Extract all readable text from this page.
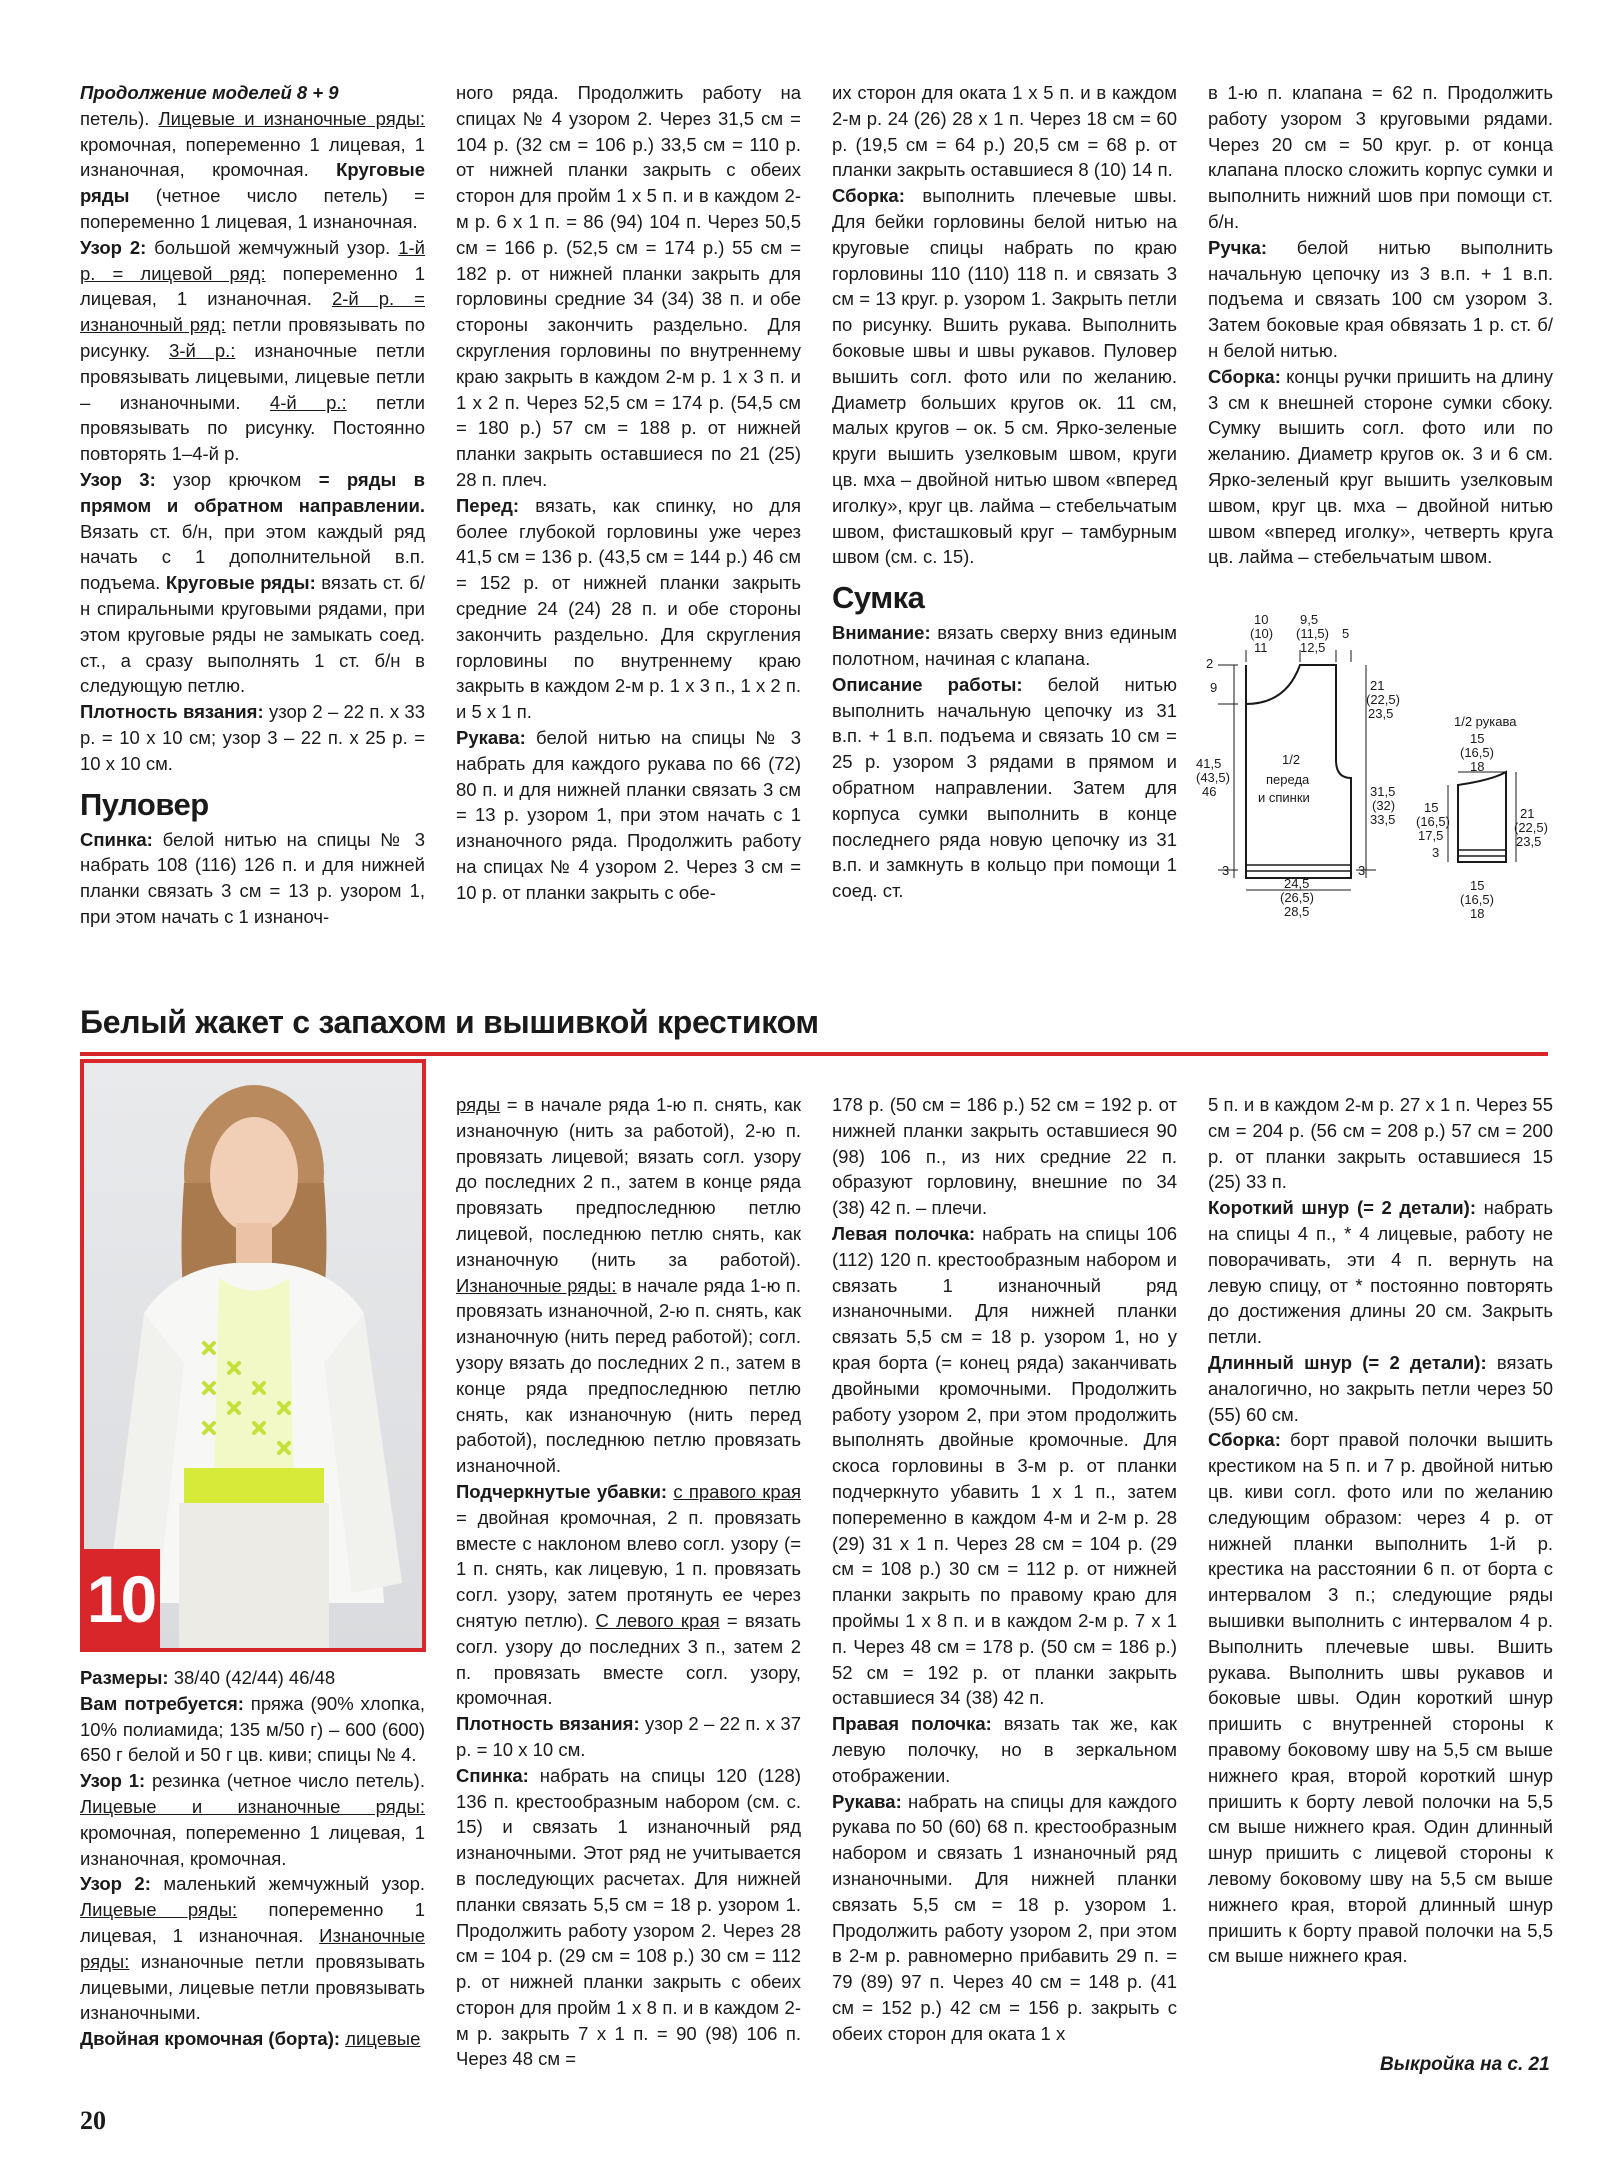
Продолжение моделей 8 + 9
петель). Лицевые и изнаночные ряды: кромочная, попеременно 1 лицевая, 1 изнаночная, кромочная. Круговые ряды (четное число петель) = попеременно 1 лицевая, 1 изнаночная.

Узор 2: большой жемчужный узор. 1-й р. = лицевой ряд: попеременно 1 лицевая, 1 изнаночная. 2-й р. = изнаночный ряд: петли провязывать по рисунку. 3-й р.: изнаночные петли провязывать лицевыми, лицевые петли – изнаночными. 4-й р.: петли провязывать по рисунку. Постоянно повторять 1–4-й р.

Узор 3: узор крючком = ряды в прямом и обратном направлении. Вязать ст. б/н, при этом каждый ряд начать с 1 дополнительной в.п. подъема. Круговые ряды: вязать ст. б/н спиральными круговыми рядами, при этом круговые ряды не замыкать соед. ст., а сразу выполнять 1 ст. б/н в следующую петлю.

Плотность вязания: узор 2 – 22 п. х 33 р. = 10 х 10 см; узор 3 – 22 п. х 25 р. = 10 х 10 см.

Пуловер

Спинка: белой нитью на спицы № 3 набрать 108 (116) 126 п. и для нижней планки связать 3 см = 13 р. узором 1, при этом начать с 1 изнаноч-

ного ряда. Продолжить работу на спицах № 4 узором 2. Через 31,5 см = 104 р. (32 см = 106 р.) 33,5 см = 110 р. от нижней планки закрыть с обеих сторон для пройм 1 х 5 п. и в каждом 2-м р. 6 х 1 п. = 86 (94) 104 п. Через 50,5 см = 166 р. (52,5 см = 174 р.) 55 см = 182 р. от нижней планки закрыть для горловины средние 34 (34) 38 п. и обе стороны закончить раздельно. Для скругления горловины по внутреннему краю закрыть в каждом 2-м р. 1 х 3 п. и 1 х 2 п. Через 52,5 см = 174 р. (54,5 см = 180 р.) 57 см = 188 р. от нижней планки закрыть оставшиеся по 21 (25) 28 п. плеч.

Перед: вязать, как спинку, но для более глубокой горловины уже через 41,5 см = 136 р. (43,5 см = 144 р.) 46 см = 152 р. от нижней планки закрыть средние 24 (24) 28 п. и обе стороны закончить раздельно. Для скругления горловины по внутреннему краю закрыть в каждом 2-м р. 1 х 3 п., 1 х 2 п. и 5 х 1 п.

Рукава: белой нитью на спицы № 3 набрать для каждого рукава по 66 (72) 80 п. и для нижней планки связать 3 см = 13 р. узором 1, при этом начать с 1 изнаночного ряда. Продолжить работу на спицах № 4 узором 2. Через 3 см = 10 р. от планки закрыть с обе-

их сторон для оката 1 х 5 п. и в каждом 2-м р. 24 (26) 28 х 1 п. Через 18 см = 60 р. (19,5 см = 64 р.) 20,5 см = 68 р. от планки закрыть оставшиеся 8 (10) 14 п.

Сборка: выполнить плечевые швы. Для бейки горловины белой нитью на круговые спицы набрать по краю горловины 110 (110) 118 п. и связать 3 см = 13 круг. р. узором 1. Закрыть петли по рисунку. Вшить рукава. Выполнить боковые швы и швы рукавов. Пуловер вышить согл. фото или по желанию. Диаметр больших кругов ок. 11 см, малых кругов – ок. 5 см. Ярко-зеленые круги вышить узелковым швом, круги цв. мха – двойной нитью швом «вперед иголку», круг цв. лайма – стебельчатым швом, фисташковый круг – тамбурным швом (см. с. 15).

Сумка

Внимание: вязать сверху вниз единым полотном, начиная с клапана.

Описание работы: белой нитью выполнить начальную цепочку из 31 в.п. + 1 в.п. подъема и связать 10 см = 25 р. узором 3 рядами в прямом и обратном направлении. Затем для корпуса сумки выполнить в конце последнего ряда новую цепочку из 31 в.п. и замкнуть в кольцо при помощи 1 соед. ст.

в 1-ю п. клапана = 62 п. Продолжить работу узором 3 круговыми рядами. Через 20 см = 50 круг. р. от конца клапана плоско сложить корпус сумки и выполнить нижний шов при помощи ст. б/н.

Ручка: белой нитью выполнить начальную цепочку из 3 в.п. + 1 в.п. подъема и связать 100 см узором 3. Затем боковые края обвязать 1 р. ст. б/н белой нитью.

Сборка: концы ручки пришить на длину 3 см к внешней стороне сумки сбоку. Сумку вышить согл. фото или по желанию. Диаметр кругов ок. 3 и 6 см. Ярко-зеленый круг вышить узелковым швом, круг цв. мха – двойной нитью швом «вперед иголку», четверть круга цв. лайма – стебельчатым швом.

10
(10)
11
9,5
(11,5)
12,5
5
2
9
41,5
(43,5)
46
21
(22,5)
23,5
31,5
(32)
33,5
1/2
переда
и спинки
24,5
(26,5)
28,5
3	3
1/2 рукава
15
(16,5)
18
15
(16,5)
17,5
21
(22,5)
23,5
15
(16,5)
18
3
Белый жакет с запахом и вышивкой крестиком
10

Размеры: 38/40 (42/44) 46/48

Вам потребуется: пряжа (90% хлопка, 10% полиамида; 135 м/50 г) – 600 (600) 650 г белой и 50 г цв. киви; спицы № 4.

Узор 1: резинка (четное число петель). Лицевые и изнаночные ряды: кромочная, попеременно 1 лицевая, 1 изнаночная, кромочная.

Узор 2: маленький жемчужный узор. Лицевые ряды: попеременно 1 лицевая, 1 изнаночная. Изнаночные ряды: изнаночные петли провязывать лицевыми, лицевые петли провязывать изнаночными.

Двойная кромочная (борта): лицевые

ряды = в начале ряда 1-ю п. снять, как изнаночную (нить за работой), 2-ю п. провязать лицевой; вязать согл. узору до последних 2 п., затем в конце ряда провязать предпоследнюю петлю лицевой, последнюю петлю снять, как изнаночную (нить за работой). Изнаночные ряды: в начале ряда 1-ю п. провязать изнаночной, 2-ю п. снять, как изнаночную (нить перед работой); согл. узору вязать до последних 2 п., затем в конце ряда предпоследнюю петлю снять, как изнаночную (нить перед работой), последнюю петлю провязать изнаночной.

Подчеркнутые убавки: с правого края = двойная кромочная, 2 п. провязать вместе с наклоном влево согл. узору (= 1 п. снять, как лицевую, 1 п. провязать согл. узору, затем протянуть ее через снятую петлю). С левого края = вязать согл. узору до последних 3 п., затем 2 п. провязать вместе согл. узору, кромочная.

Плотность вязания: узор 2 – 22 п. х 37 р. = 10 х 10 см.

Спинка: набрать на спицы 120 (128) 136 п. крестообразным набором (см. с. 15) и связать 1 изнаночный ряд изнаночными. Этот ряд не учитывается в последующих расчетах. Для нижней планки связать 5,5 см = 18 р. узором 1. Продолжить работу узором 2. Через 28 см = 104 р. (29 см = 108 р.) 30 см = 112 р. от нижней планки закрыть с обеих сторон для пройм 1 х 8 п. и в каждом 2-м р. закрыть 7 х 1 п. = 90 (98) 106 п. Через 48 см =

178 р. (50 см = 186 р.) 52 см = 192 р. от нижней планки закрыть оставшиеся 90 (98) 106 п., из них средние 22 п. образуют горловину, внешние по 34 (38) 42 п. – плечи.

Левая полочка: набрать на спицы 106 (112) 120 п. крестообразным набором и связать 1 изнаночный ряд изнаночными. Для нижней планки связать 5,5 см = 18 р. узором 1, но у края борта (= конец ряда) заканчивать двойными кромочными. Продолжить работу узором 2, при этом продолжить выполнять двойные кромочные. Для скоса горловины в 3-м р. от планки подчеркнуто убавить 1 х 1 п., затем попеременно в каждом 4-м и 2-м р. 28 (29) 31 х 1 п. Через 28 см = 104 р. (29 см = 108 р.) 30 см = 112 р. от нижней планки закрыть по правому краю для проймы 1 х 8 п. и в каждом 2-м р. 7 х 1 п. Через 48 см = 178 р. (50 см = 186 р.) 52 см = 192 р. от планки закрыть оставшиеся 34 (38) 42 п.

Правая полочка: вязать так же, как левую полочку, но в зеркальном отображении.

Рукава: набрать на спицы для каждого рукава по 50 (60) 68 п. крестообразным набором и связать 1 изнаночный ряд изнаночными. Для нижней планки связать 5,5 см = 18 р. узором 1. Продолжить работу узором 2, при этом в 2-м р. равномерно прибавить 29 п. = 79 (89) 97 п. Через 40 см = 148 р. (41 см = 152 р.) 42 см = 156 р. закрыть с обеих сторон для оката 1 х

5 п. и в каждом 2-м р. 27 х 1 п. Через 55 см = 204 р. (56 см = 208 р.) 57 см = 200 р. от планки закрыть оставшиеся 15 (25) 33 п.

Короткий шнур (= 2 детали): набрать на спицы 4 п., * 4 лицевые, работу не поворачивать, эти 4 п. вернуть на левую спицу, от * постоянно повторять до достижения длины 20 см. Закрыть петли.

Длинный шнур (= 2 детали): вязать аналогично, но закрыть петли через 50 (55) 60 см.

Сборка: борт правой полочки вышить крестиком на 5 п. и 7 р. двойной нитью цв. киви согл. фото или по желанию следующим образом: через 4 р. от нижней планки выполнить 1-й р. крестика на расстоянии 6 п. от борта с интервалом 3 п.; следующие ряды вышивки выполнить с интервалом 4 р. Выполнить плечевые швы. Вшить рукава. Выполнить швы рукавов и боковые швы. Один короткий шнур пришить с внутренней стороны к правому боковому шву на 5,5 см выше нижнего края, второй короткий шнур пришить к борту левой полочки на 5,5 см выше нижнего края. Один длинный шнур пришить с лицевой стороны к левому боковому шву на 5,5 см выше нижнего края, второй длинный шнур пришить к борту правой полочки на 5,5 см выше нижнего края.

Выкройка на с. 21
20
